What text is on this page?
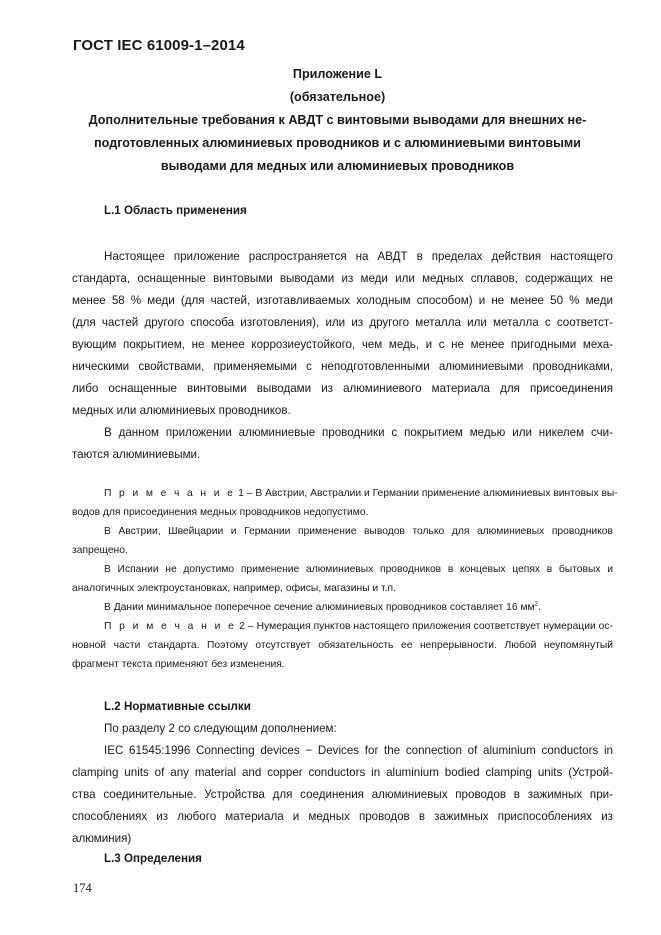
ГОСТ IEC 61009-1–2014
Приложение L
(обязательное)
Дополнительные требования к АВДТ с винтовыми выводами для внешних не-
подготовленных алюминиевых проводников и с алюминиевыми винтовыми
выводами для медных или алюминиевых проводников
L.1 Область применения
Настоящее приложение распространяется на АВДТ в пределах действия настоящего
стандарта, оснащенные винтовыми выводами из меди или медных сплавов, содержащих не
менее 58 % меди (для частей, изготавливаемых холодным способом) и не менее 50 % меди
(для частей другого способа изготовления), или из другого металла или металла с соответст-
вующим покрытием, не менее коррозиеустойкого, чем медь, и с не менее пригодными меха-
ническими свойствами, применяемыми с неподготовленными алюминиевыми проводниками,
либо оснащенные винтовыми выводами из алюминиевого материала для присоединения
медных или алюминиевых проводников.
В данном приложении алюминиевые проводники с покрытием медью или никелем счи-
таются алюминиевыми.
П р и м е ч а н и е 1 – В Австрии, Австралии и Германии применение алюминиевых винтовых вы-
водов для присоединения медных проводников недопустимо.
В Австрии, Швейцарии и Германии применение выводов только для алюминиевых проводников
запрещено.
В Испании не допустимо применение алюминиевых проводников в концевых цепях в бытовых и
аналогичных электроустановках, например, офисы, магазины и т.п.
В Дании минимальное поперечное сечение алюминиевых проводников составляет 16 $мм^2$.
П р и м е ч а н и е 2 – Нумерация пунктов настоящего приложения соответствует нумерации ос-
новной части стандарта. Поэтому отсутствует обязательность ее непрерывности. Любой неупомянутый
фрагмент текста применяют без изменения.
L.2 Нормативные ссылки
По разделу 2 со следующим дополнением:
IEC 61545:1996 Connecting devices − Devices for the connection of aluminium conductors in
clamping units of any material and copper conductors in aluminium bodied clamping units (Устрой-
ства соединительные. Устройства для соединения алюминиевых проводов в зажимных при-
способлениях из любого материала и медных проводов в зажимных приспособлениях из
алюминия)
L.3 Определения
174
